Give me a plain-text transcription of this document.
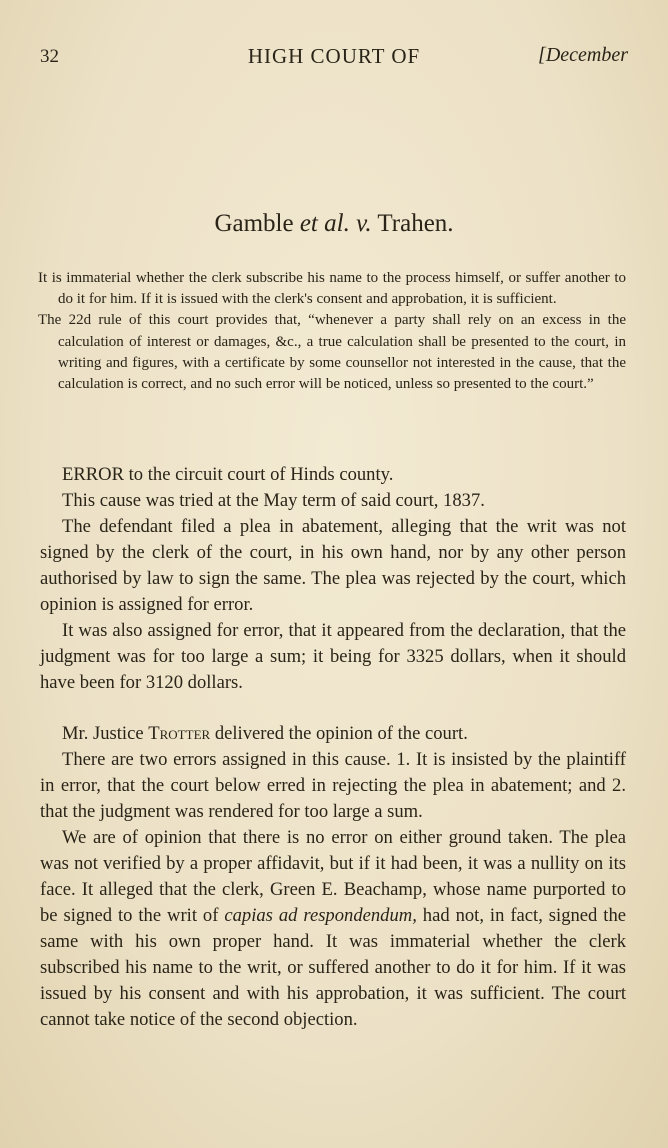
32	HIGH COURT OF	[December
Gamble et al. v. Trahen.

It is immaterial whether the clerk subscribe his name to the process himself, or suffer another to do it for him. If it is issued with the clerk's consent and approbation, it is sufficient.

The 22d rule of this court provides that, “whenever a party shall rely on an excess in the calculation of interest or damages, &c., a true calculation shall be presented to the court, in writing and figures, with a certificate by some counsellor not interested in the cause, that the calculation is correct, and no such error will be noticed, unless so presented to the court.”

ERROR to the circuit court of Hinds county.

This cause was tried at the May term of said court, 1837.

The defendant filed a plea in abatement, alleging that the writ was not signed by the clerk of the court, in his own hand, nor by any other person authorised by law to sign the same. The plea was rejected by the court, which opinion is assigned for error.

It was also assigned for error, that it appeared from the declaration, that the judgment was for too large a sum; it being for 3325 dollars, when it should have been for 3120 dollars.

Mr. Justice Trotter delivered the opinion of the court.

There are two errors assigned in this cause. 1. It is insisted by the plaintiff in error, that the court below erred in rejecting the plea in abatement; and 2. that the judgment was rendered for too large a sum.

We are of opinion that there is no error on either ground taken. The plea was not verified by a proper affidavit, but if it had been, it was a nullity on its face. It alleged that the clerk, Green E. Beachamp, whose name purported to be signed to the writ of capias ad respondendum, had not, in fact, signed the same with his own proper hand. It was immaterial whether the clerk subscribed his name to the writ, or suffered another to do it for him. If it was issued by his consent and with his approbation, it was sufficient. The court cannot take notice of the second objection.
